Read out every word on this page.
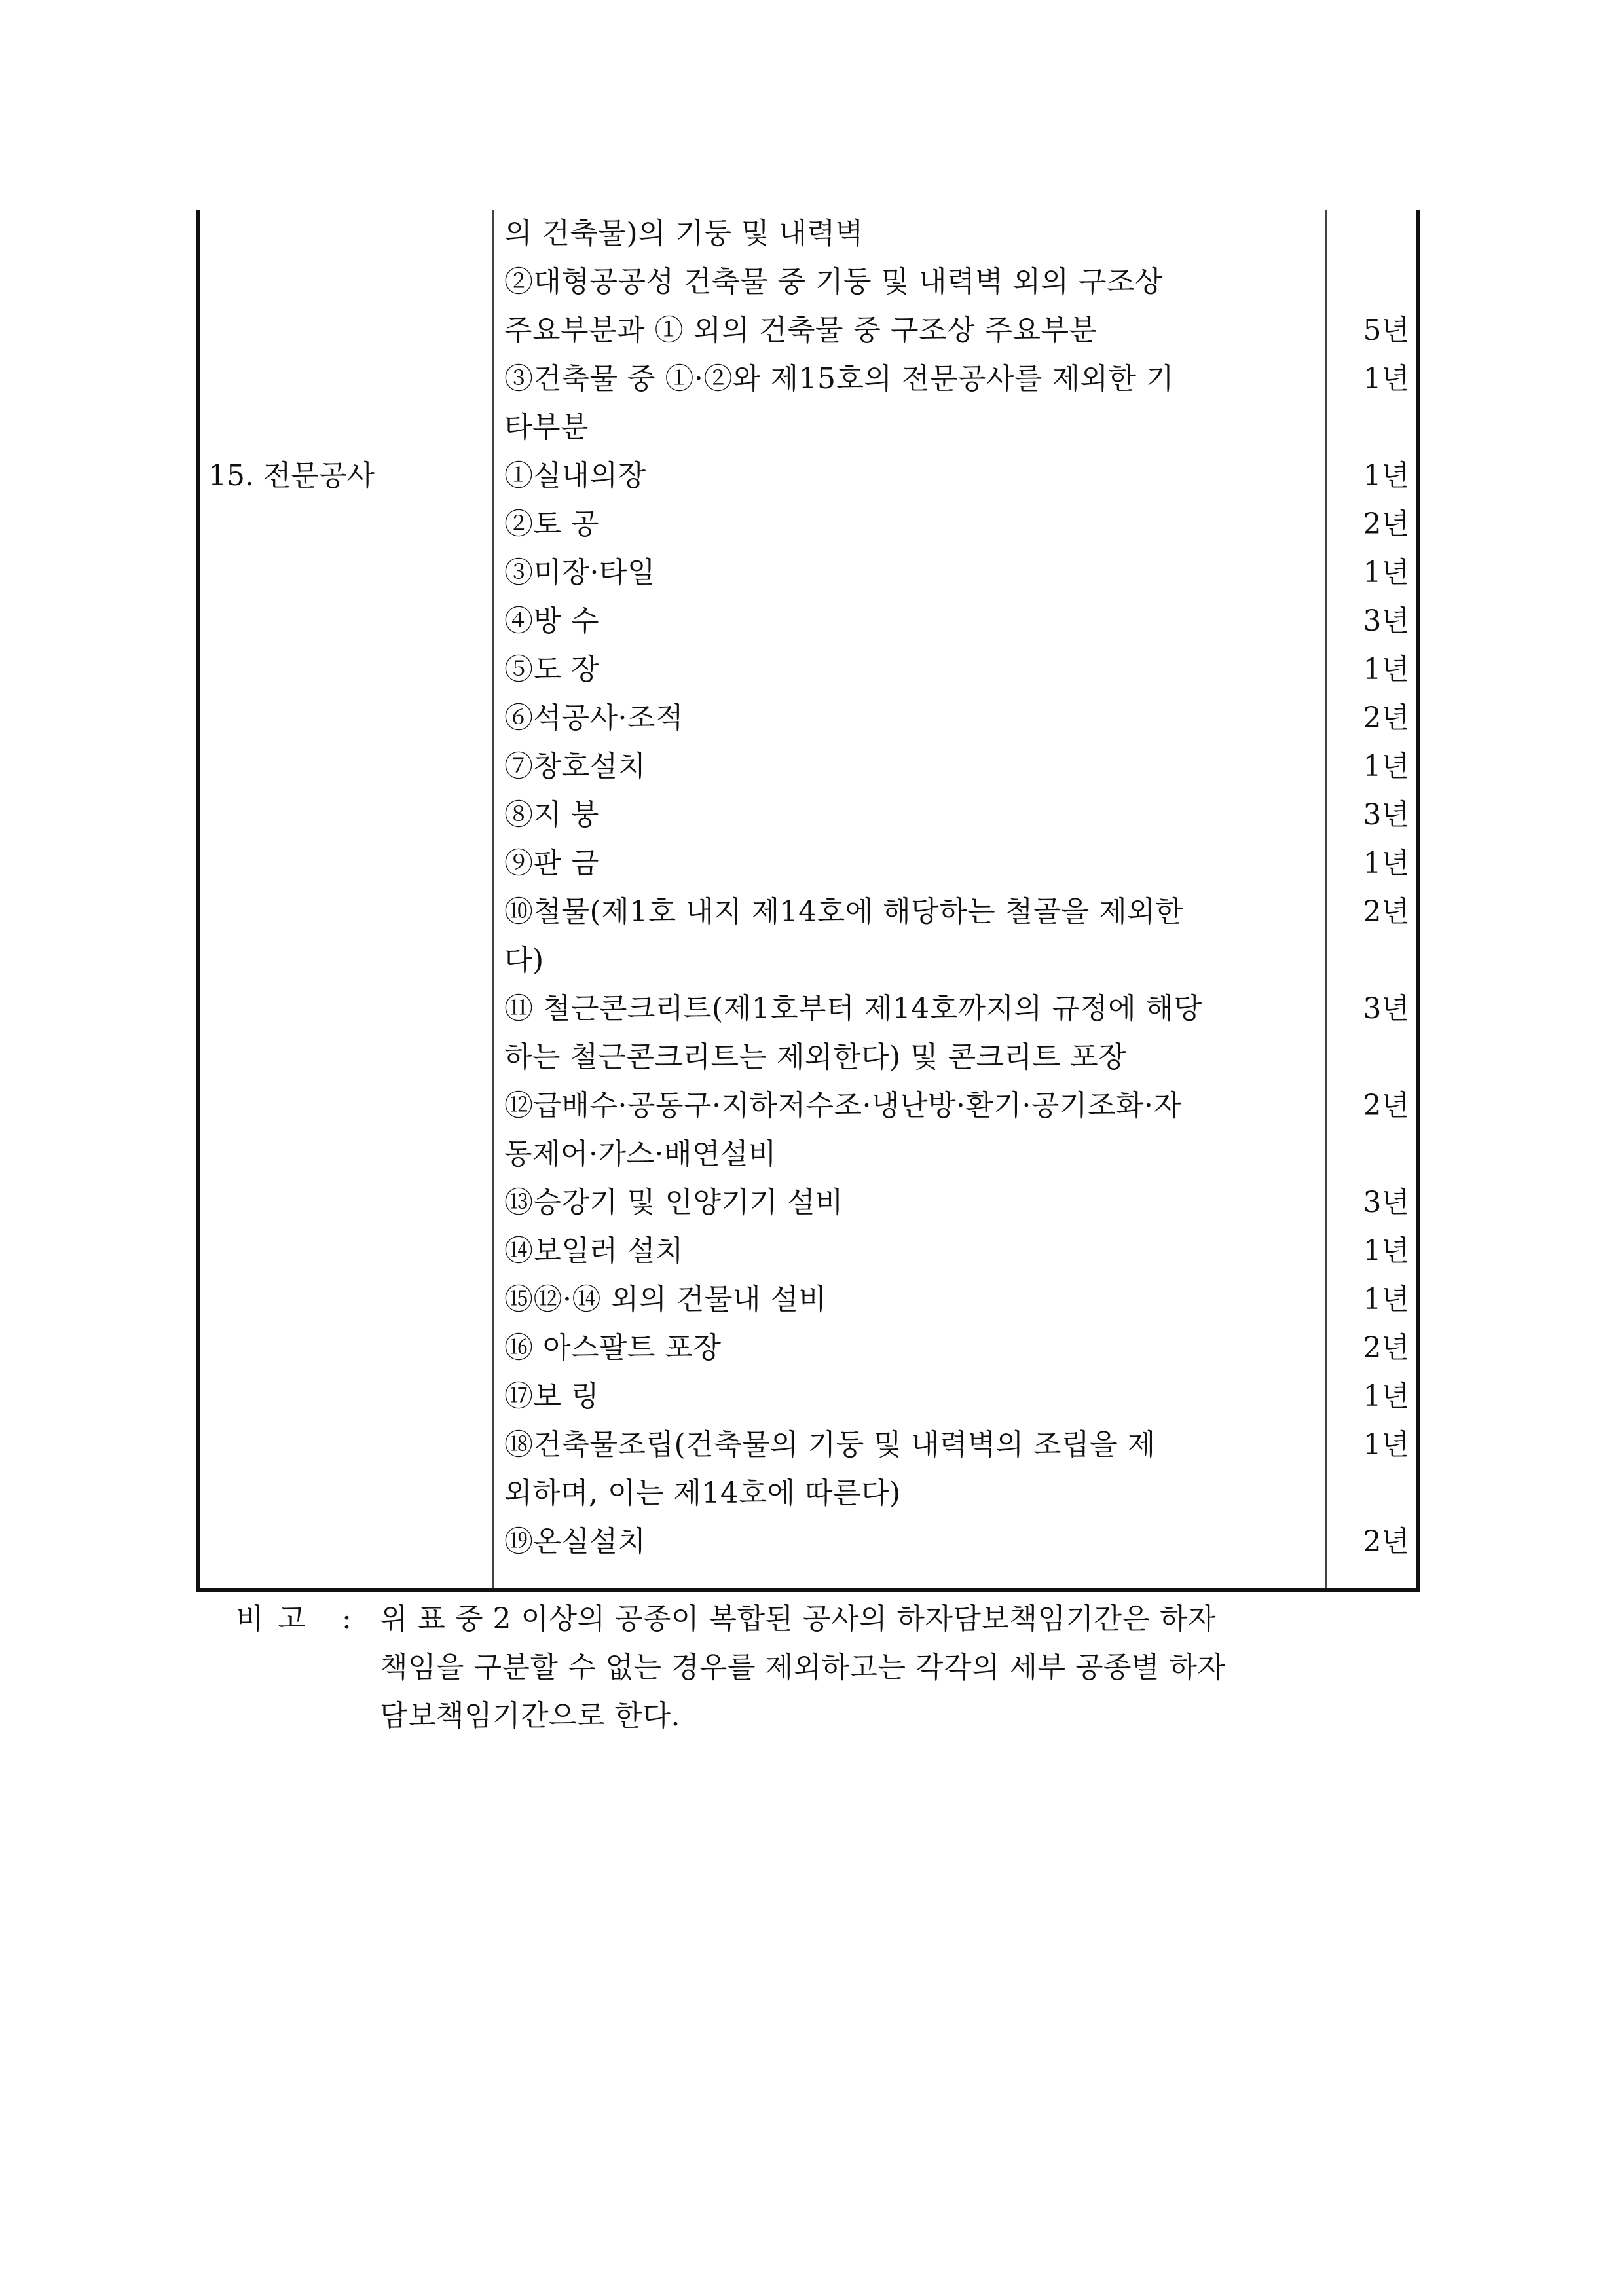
의 건축물)의 기둥 및 내력벽
②대형공공성 건축물 중 기둥 및 내력벽 외의 구조상
주요부분과 ① 외의 건축물 중 구조상 주요부분	5년
③건축물 중 ①·②와 제15호의 전문공사를 제외한 기	1년
타부분
15. 전문공사	①실내의장	1년
②토 공	2년
③미장·타일	1년
④방 수	3년
⑤도 장	1년
⑥석공사·조적	2년
⑦창호설치	1년
⑧지 붕	3년
⑨판 금	1년
⑩철물(제1호 내지 제14호에 해당하는 철골을 제외한	2년
다)
⑪ 철근콘크리트(제1호부터 제14호까지의 규정에 해당	3년
하는 철근콘크리트는 제외한다) 및 콘크리트 포장
⑫급배수·공동구·지하저수조·냉난방·환기·공기조화·자	2년
동제어·가스·배연설비
⑬승강기 및 인양기기 설비	3년
⑭보일러 설치	1년
⑮⑫·⑭ 외의 건물내 설비	1년
⑯ 아스팔트 포장	2년
⑰보 링	1년
⑱건축물조립(건축물의 기둥 및 내력벽의 조립을 제	1년
외하며, 이는 제14호에 따른다)
⑲온실설치	2년
비고 : 위 표 중 2 이상의 공종이 복합된 공사의 하자담보책임기간은 하자
책임을 구분할 수 없는 경우를 제외하고는 각각의 세부 공종별 하자
담보책임기간으로 한다.
